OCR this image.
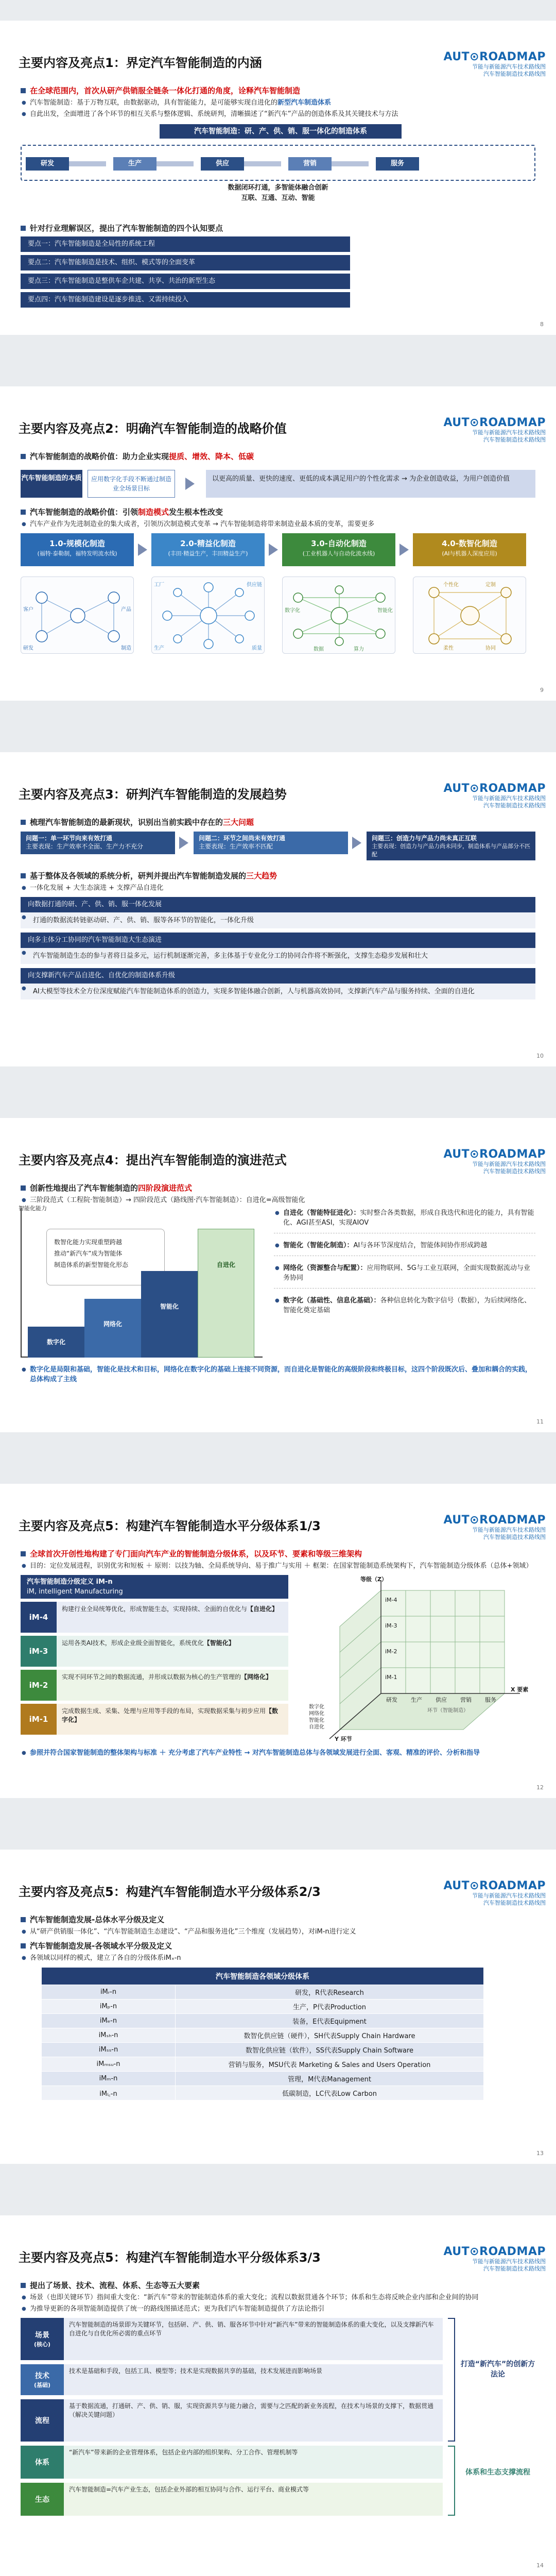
主要内容及亮点1：界定汽车智能制造的内涵	AUT⊙ROADMAP
节能与新能源汽车技术路线图
汽车智能制造技术路线图
在全球范围内，首次从研产供销服全链条一体化打通的角度，诠释汽车智能制造
● 汽车智能制造：基于万物互联，由数据驱动，具有智能能力，是可能够实现自进化的新型汽车制造体系
● 自此出发，全面增进了各个环节的相互关系与整体逻辑、系统研判，清晰描述了“新汽车”产品的创造体系及其关键技术与方法
汽车智能制造：研、产、供、销、服一体化的制造体系
研发	生产	供应	营销	服务
数据闭环打通，多智能体融合创新
互联、互通、互动、智能
针对行业理解误区，提出了汽车智能制造的四个认知要点
要点一：汽车智能制造是全局性的系统工程
要点二：汽车智能制造是技术、组织、模式等的全面变革
要点三：汽车智能制造是整供车企共建、共享、共治的新型生态
要点四：汽车智能制造建设是逐步推进、又需持续投入
8
主要内容及亮点2：明确汽车智能制造的战略价值	AUT⊙ROADMAP
节能与新能源汽车技术路线图
汽车智能制造技术路线图
汽车智能制造的战略价值： 助力企业实现 提质、增效、降本、低碳
汽车智能制造的本质	应用数字化手段不断通过制造业全场景目标
以更高的质量、更快的速度、更低的成本满足用户的个性化需求 → 为企业创造收益，为用户创造价值
汽车智能制造的战略价值： 引领 制造模式 发生根本性改变
● 汽车产业作为先进制造业的集大成者，引领历次制造模式变革 → 汽车智能制造将带来制造业最本质的变革，需要更多
1.0-规模化制造
(福特·泰勒制，福特发明流水线)
2.0-精益化制造
(丰田·精益生产，丰田精益生产)
3.0-自动化制造
(工业机器人与自动化流水线)
4.0-数智化制造
(AI与机器人深度应用)
客户	产品
研发	制造
工厂	供应链
生产	质量
数字化	智能化
数据	算力
个性化	定制
柔性	协同
9
主要内容及亮点3：研判汽车智能制造的发展趋势	AUT⊙ROADMAP
节能与新能源汽车技术路线图
汽车智能制造技术路线图
梳理汽车智能制造的最新现状，识别出当前实践中存在的 三大问题
问题一：单一环节向来有效打通
主要表现：生产效率不全面、生产力不充分
问题二：环节之间尚未有效打通
主要表现：生产效率不匹配
问题三：创造力与产品力尚未真正互联
主要表现：创造力与产品力尚未同步，制造体系与产品部分不匹配
基于整体及各领域的系统分析，研判并提出汽车智能制造发展的 三大趋势
● 一体化发展 + 大生态演进 + 支撑产品自进化
向数据打通的研、产、供、销、服一体化发展
● 打通的数据流转链驱动研、产、供、销、服等各环节的智能化，一体化升级
向多主体分工协同的汽车智能制造大生态演进
● 汽车智能制造生态的参与者将日益多元，运行机制逐渐完善，多主体基于专业化分工的协同合作将不断强化，支撑生态稳步发展和壮大
向支撑新汽车产品自进化、自优化的制造体系升级
● AI大模型等技术全方位深度赋能汽车智能制造体系的创造力，实现多智能体融合创新，人与机器高效协同，支撑新汽车产品与服务持续、全面的自进化
10
主要内容及亮点4：提出汽车智能制造的演进范式	AUT⊙ROADMAP
节能与新能源汽车技术路线图
汽车智能制造技术路线图
创新性地提出了汽车智能制造的 四阶段演进范式
● 三阶段范式（工程院·智能制造）→ 四阶段范式（路线图·汽车智能制造）：自进化=高级智能化
智能化能力
数智化能力实现重塑跨越
推动“新汽车”成为智能体
制造体系的新型智能化形态
数字化
网络化
智能化
自进化
● 自进化（智能特征进化）：实时整合各类数据，形成自我迭代和进化的能力，具有智能化、AGI甚至ASI，实现AIOV
● 智能化（智能化制造）：AI与各环节深度结合，智能体间协作形成跨越
● 网络化（资源整合与配置）：应用物联网、5G与工业互联网，全面实现数据流动与业务协同
● 数字化（基础性、信息化基础）：各种信息转化为数字信号（数据），为后续网络化、智能化奠定基础
● 数字化是局限和基础，智能化是技术和目标，网络化在数字化的基础上连接不同资源，而自进化是智能化的高级阶段和终极目标，这四个阶段既次后、叠加和耦合的实践，总体构成了主线
11
主要内容及亮点5：构建汽车智能制造水平分级体系1/3	AUT⊙ROADMAP
节能与新能源汽车技术路线图
汽车智能制造技术路线图
全球首次开创性地构建了专门面向汽车产业的智能制造分级体系，以及环节、要素和等级三维架构
● 目的：定位发展进程，识别优劣和短板 ＋ 原则：以技为轴、全局系统导向、易于推广与实用 ＋ 框架：在国家智能制造系统架构下，汽车智能制造分级体系（总体+领域）
汽车智能制造分级定义 iM-n
iM, intelligent Manufacturing
iM-4
构建行业全局统筹优化，形成智能生态，实现持续、全面的自优化与【自进化】
iM-3
运用各类AI技术，形成企业级全面智能化，系统优化【智能化】
iM-2
实现不同环节之间的数据流通，并形成以数据为核心的生产管理的【网络化】
iM-1
完成数据生成、采集、处理与应用等手段的布局，实现数据采集与初步应用【数字化】
iM-4
iM-3
iM-2
iM-1
研发 生产 供应 营销 服务
环节（智能制造）
数字化
网络化
智能化
自进化
等级（Z）
X 要素
Y 环节
● 参照并符合国家智能制造的整体架构与标准 ＋ 充分考虑了汽车产业特性 → 对汽车智能制造总体与各领域发展进行全面、客观、精准的评价、分析和指导
12
主要内容及亮点5：构建汽车智能制造水平分级体系2/3	AUT⊙ROADMAP
节能与新能源汽车技术路线图
汽车智能制造技术路线图
汽车智能制造发展-总体水平分级及定义
● 从“研产供销服一体化”、“汽车智能制造生态建设”、“产品和服务进化”三个维度（发展趋势），对iM-n进行定义
汽车智能制造发展-各领域水平分级及定义
● 各领域以同样的模式，建立了各自的分级体系iMₓ-n
汽车智能制造各领域分级体系	
iMᵣ-n	研发，R代表Research
iMₚ-n	生产，P代表Production
iMₑ-n	装备，E代表Equipment
iMₛₕ-n	数智化供应链（硬件），SH代表Supply Chain Hardware
iMₛₛ-n	数智化供应链（软件），SS代表Supply Chain Software
iMₘₛᵤ-n	营销与服务，MSU代表 Marketing & Sales and Users Operation
iMₘ-n	管理，M代表Management
iMₗ꜀-n	低碳制造，LC代表Low Carbon
13
主要内容及亮点5：构建汽车智能制造水平分级体系3/3	AUT⊙ROADMAP
节能与新能源汽车技术路线图
汽车智能制造技术路线图
提出了场景、技术、流程、体系、生态等五大要素
● 场景（也即关键环节）指间重大变化：“新汽车”带来的智能制造体系的重大变化；流程以数据贯通各个环节；体系和生态将反映企业内部和企业间的协同
● 为推导更新的各项智能制造提供了统一的路线图描述范式；更为我们汽车智能制造提供了方法论指引
场景
(核心)
汽车智能制造的场景即为关键环节，包括研、产、供、销、服各环节中针对“新汽车”带来的智能制造体系的重大变化，以及支撑新汽车自进化与自优化所必需的重点环节
技术
(基础)
技术是基础和手段，包括工具、模型等；技术是实现数据共享的基础，技术发展进而影响场景
流程
基于数据流通，打通研、产、供、销、服，实现资源共享与能力融合，需要与之匹配的新业务流程，在技术与场景的支撑下，数据贯通（解决关键问题）
体系
“新汽车”带来新的企业管理体系，包括企业内部的组织架构、分工合作、管理机制等
生态
汽车智能制造=汽车产业生态，包括企业外部的相互协同与合作、运行平台、商业模式等
打造“新汽车”的创新方法论
体系和生态支撑流程
14
